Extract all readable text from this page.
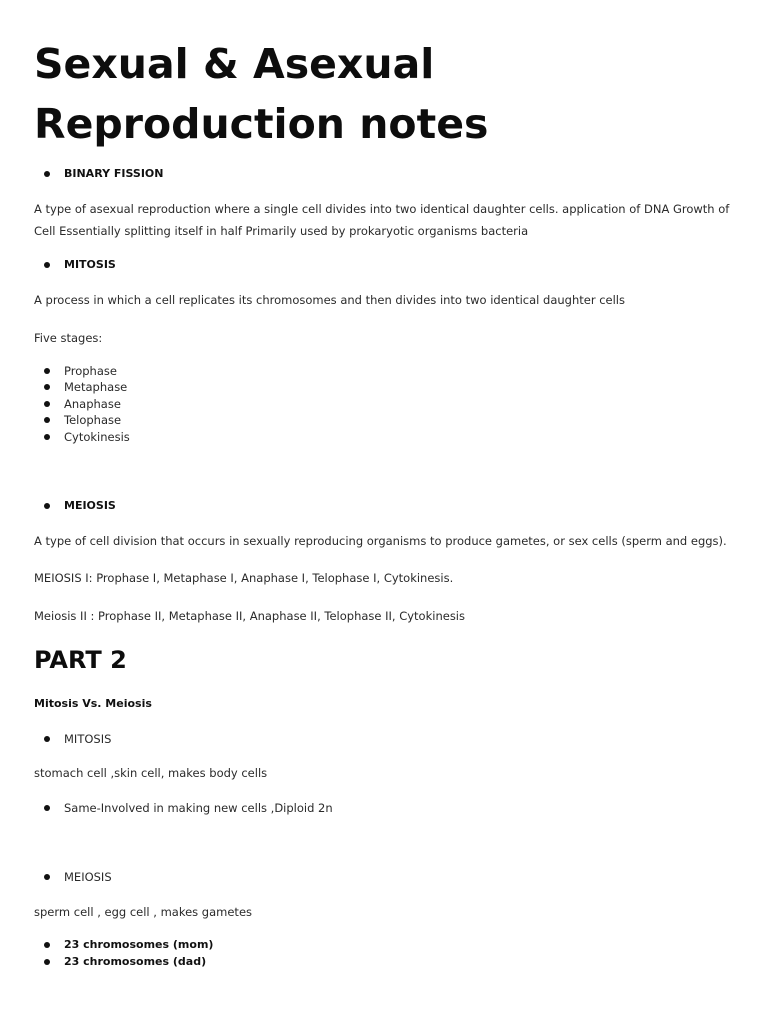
Sexual & Asexual Reproduction notes
BINARY FISSION

A type of asexual reproduction where a single cell divides into two identical daughter cells. application of DNA Growth of Cell Essentially splitting itself in half Primarily used by prokaryotic organisms bacteria

MITOSIS

A process in which a cell replicates its chromosomes and then divides into two identical daughter cells

Five stages:

Prophase
Metaphase
Anaphase
Telophase
Cytokinesis
MEIOSIS

A type of cell division that occurs in sexually reproducing organisms to produce gametes, or sex cells (sperm and eggs).

MEIOSIS I: Prophase I, Metaphase I, Anaphase I, Telophase I, Cytokinesis.

Meiosis II : Prophase II, Metaphase II, Anaphase II, Telophase II, Cytokinesis

PART 2

Mitosis Vs. Meiosis

MITOSIS

stomach cell ,skin cell, makes body cells

Same-Involved in making new cells ,Diploid 2n
MEIOSIS

sperm cell , egg cell , makes gametes

23 chromosomes (mom)
23 chromosomes (dad)
